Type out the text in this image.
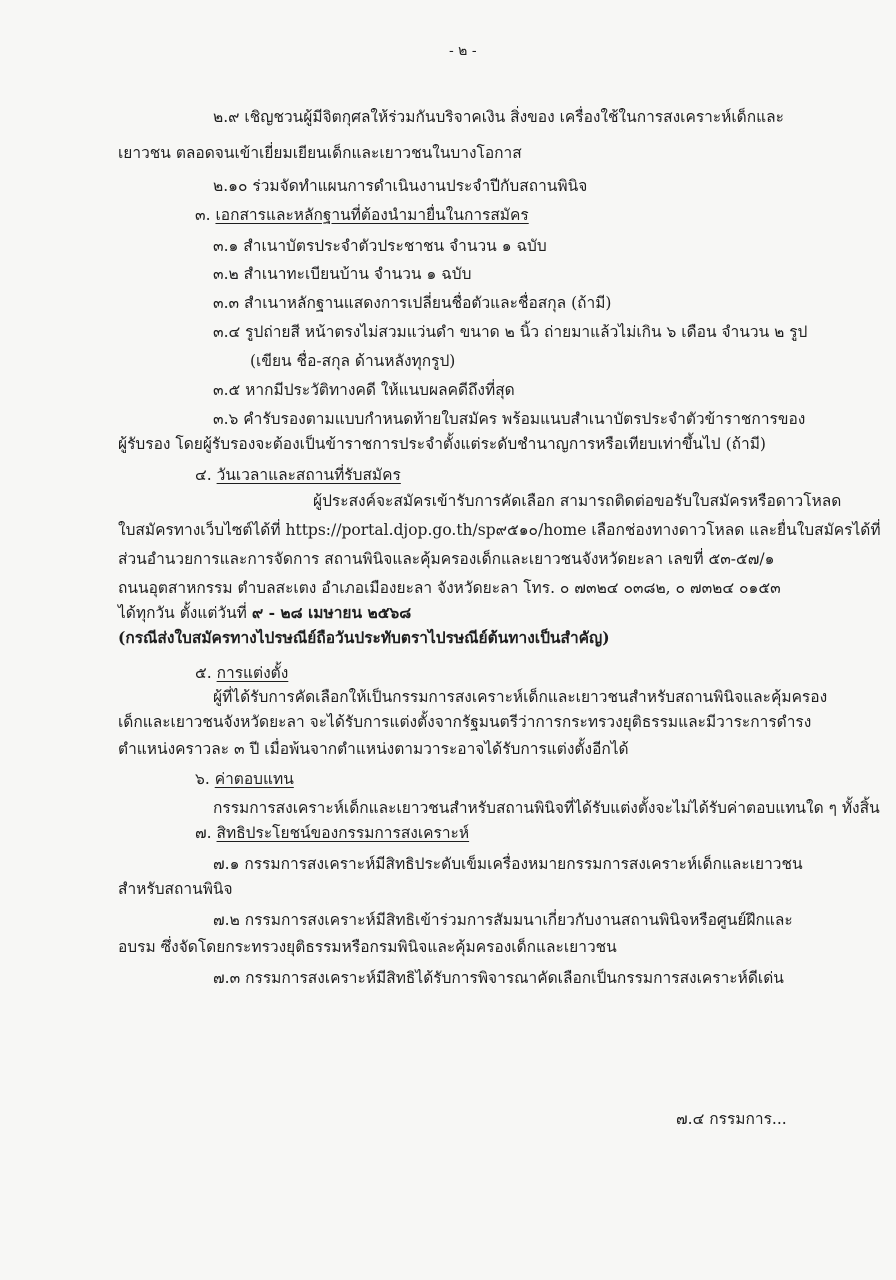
- ๒ -
๒.๙ เชิญชวนผู้มีจิตกุศลให้ร่วมกันบริจาคเงิน สิ่งของ เครื่องใช้ในการสงเคราะห์เด็กและ
เยาวชน ตลอดจนเข้าเยี่ยมเยียนเด็กและเยาวชนในบางโอกาส
๒.๑๐ ร่วมจัดทำแผนการดำเนินงานประจำปีกับสถานพินิจ
๓. เอกสารและหลักฐานที่ต้องนำมายื่นในการสมัคร
๓.๑ สำเนาบัตรประจำตัวประชาชน จำนวน ๑ ฉบับ
๓.๒ สำเนาทะเบียนบ้าน จำนวน ๑ ฉบับ
๓.๓ สำเนาหลักฐานแสดงการเปลี่ยนชื่อตัวและชื่อสกุล (ถ้ามี)
๓.๔ รูปถ่ายสี หน้าตรงไม่สวมแว่นดำ ขนาด ๒ นิ้ว ถ่ายมาแล้วไม่เกิน ๖ เดือน จำนวน ๒ รูป
(เขียน ชื่อ-สกุล ด้านหลังทุกรูป)
๓.๕ หากมีประวัติทางคดี ให้แนบผลคดีถึงที่สุด
๓.๖ คำรับรองตามแบบกำหนดท้ายใบสมัคร พร้อมแนบสำเนาบัตรประจำตัวข้าราชการของ
ผู้รับรอง โดยผู้รับรองจะต้องเป็นข้าราชการประจำตั้งแต่ระดับชำนาญการหรือเทียบเท่าขึ้นไป (ถ้ามี)
๔. วันเวลาและสถานที่รับสมัคร
ผู้ประสงค์จะสมัครเข้ารับการคัดเลือก สามารถติดต่อขอรับใบสมัครหรือดาวโหลด
ใบสมัครทางเว็บไซต์ได้ที่ https://portal.djop.go.th/sp๙๕๑๐/home เลือกช่องทางดาวโหลด และยื่นใบสมัครได้ที่
ส่วนอำนวยการและการจัดการ สถานพินิจและคุ้มครองเด็กและเยาวชนจังหวัดยะลา เลขที่ ๕๓-๕๗/๑
ถนนอุตสาหกรรม ตำบลสะเตง อำเภอเมืองยะลา จังหวัดยะลา โทร. ๐ ๗๓๒๔ ๐๓๘๒, ๐ ๗๓๒๔ ๐๑๕๓
ได้ทุกวัน ตั้งแต่วันที่ ๙ - ๒๘ เมษายน ๒๕๖๘
(กรณีส่งใบสมัครทางไปรษณีย์ถือวันประทับตราไปรษณีย์ต้นทางเป็นสำคัญ)
๕. การแต่งตั้ง
ผู้ที่ได้รับการคัดเลือกให้เป็นกรรมการสงเคราะห์เด็กและเยาวชนสำหรับสถานพินิจและคุ้มครอง
เด็กและเยาวชนจังหวัดยะลา จะได้รับการแต่งตั้งจากรัฐมนตรีว่าการกระทรวงยุติธรรมและมีวาระการดำรง
ตำแหน่งคราวละ ๓ ปี เมื่อพ้นจากตำแหน่งตามวาระอาจได้รับการแต่งตั้งอีกได้
๖. ค่าตอบแทน
กรรมการสงเคราะห์เด็กและเยาวชนสำหรับสถานพินิจที่ได้รับแต่งตั้งจะไม่ได้รับค่าตอบแทนใด ๆ ทั้งสิ้น
๗. สิทธิประโยชน์ของกรรมการสงเคราะห์
๗.๑ กรรมการสงเคราะห์มีสิทธิประดับเข็มเครื่องหมายกรรมการสงเคราะห์เด็กและเยาวชน
สำหรับสถานพินิจ
๗.๒ กรรมการสงเคราะห์มีสิทธิเข้าร่วมการสัมมนาเกี่ยวกับงานสถานพินิจหรือศูนย์ฝึกและ
อบรม ซึ่งจัดโดยกระทรวงยุติธรรมหรือกรมพินิจและคุ้มครองเด็กและเยาวชน
๗.๓ กรรมการสงเคราะห์มีสิทธิได้รับการพิจารณาคัดเลือกเป็นกรรมการสงเคราะห์ดีเด่น
๗.๔ กรรมการ...
